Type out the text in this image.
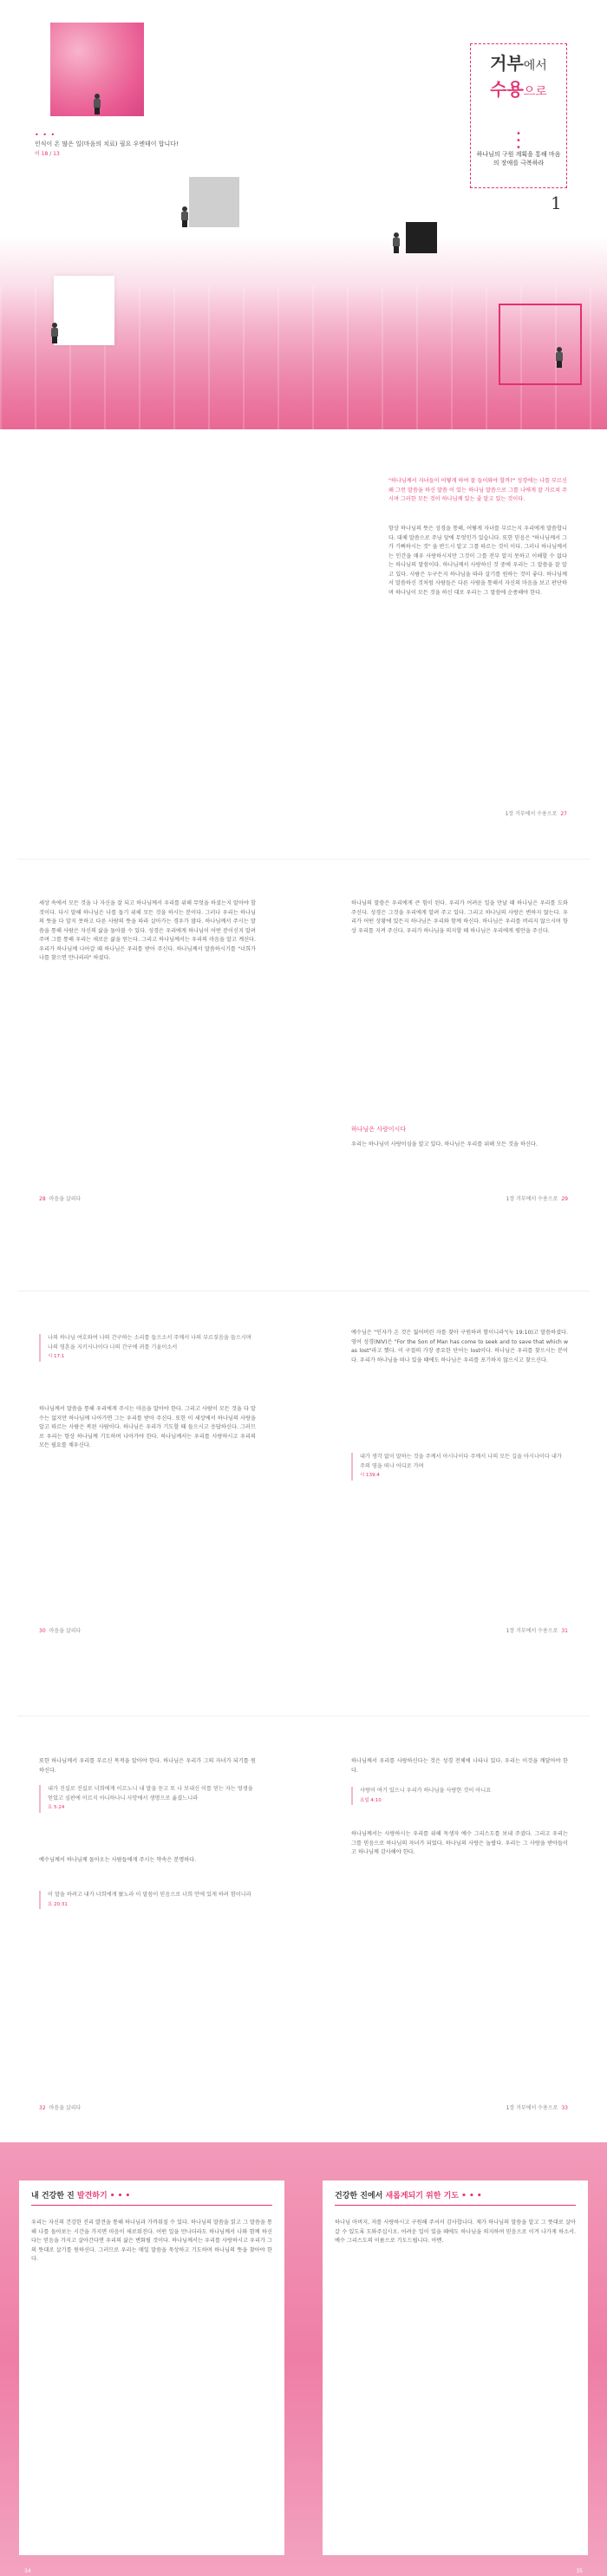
• • •
인식이 온 많은 일(마음의 치료) 필요 우엔테이 합니다!
이 18 / 13
거부에서
수용으로
•
•
•
하나님의 구원 계획을 통해 마음의 장애를 극복하라
1
"하나님께서 자녀들이 어떻게 하여 잘 들어와야 할까?" 성경에는 나를 부르신 왜 그런 말씀을 하신 말씀 이 있는 하나님 말씀으로 그를 나에게 잘 가르쳐 주시며 그러한 모든 것이 하나님께 있는 줄 알고 있는 것이다.
항상 하나님의 뜻은 성경을 통해, 어떻게 자녀를 부르는지 우리에게 말씀합니다. 대체 말씀으로 주님 앞에 무엇인가 있습니다. 또한 믿음은 "하나님께서 그가 기뻐하시는 것" 을 반드시 알고 그를 따르는 것이 이다. 그러나 하나님께서는 인간을 매우 사랑하시지만 그것이 그를 전부 알지 못하고 이해할 수 없다는 하나님의 말씀이다. 하나님께서 사랑하신 것 중에 우리는 그 말씀을 잘 알고 있다. 사람은 누구든지 하나님을 따라 살기를 원하는 것이 좋다. 하나님께서 말씀하신 것처럼 사람들은 다른 사람을 통해서 자신의 마음을 보고 판단하며 하나님이 모든 것을 하신 대로 우리는 그 말씀에 순종해야 한다.
1장 거부에서 수용으로 27
세상 속에서 모든 것을 나 자신을 잘 되고 하나님께서 우리를 위해 무엇을 하셨는지 알아야 할 것이다. 다시 말해 하나님은 나를 돕기 위해 모든 것을 하시는 분이다. 그러나 우리는 하나님의 뜻을 다 알지 못하고 다른 사람의 뜻을 따라 살아가는 경우가 많다. 하나님께서 주시는 말씀을 통해 사람은 자신의 삶을 돌아볼 수 있다. 성경은 우리에게 하나님이 어떤 분이신지 알려 주며 그를 통해 우리는 새로운 삶을 얻는다. 그리고 하나님께서는 우리의 마음을 알고 계신다. 우리가 하나님께 나아갈 때 하나님은 우리를 받아 주신다. 하나님께서 말씀하시기를 "너희가 나를 찾으면 만나리라" 하셨다.
하나님의 말씀은 우리에게 큰 힘이 된다. 우리가 어려운 일을 만날 때 하나님은 우리를 도와 주신다. 성경은 그것을 우리에게 알려 주고 있다. 그리고 하나님의 사랑은 변하지 않는다. 우리가 어떤 상황에 있든지 하나님은 우리와 함께 하신다. 하나님은 우리를 버리지 않으시며 항상 우리를 지켜 주신다. 우리가 하나님을 의지할 때 하나님은 우리에게 평안을 주신다.
하나님은 사랑이시다
우리는 하나님이 사랑이심을 알고 있다. 하나님은 우리를 위해 모든 것을 하신다.
28 마음을 살리다	1장 거부에서 수용으로 29
나의 하나님 여호와여 나의 간구하는 소리를 들으소서 주께서 나의 부르짖음을 들으시며 나의 영혼을 지키시나이다 나의 간구에 귀를 기울이소서
시 17:1
하나님께서 말씀을 통해 우리에게 주시는 마음을 알아야 한다. 그리고 사람이 모든 것을 다 알 수는 없지만 하나님께 나아가면 그는 우리를 받아 주신다. 또한 이 세상에서 하나님의 사랑을 알고 따르는 사람은 복된 사람이다. 하나님은 우리가 기도할 때 들으시고 응답하신다. 그러므로 우리는 항상 하나님께 기도하며 나아가야 한다. 하나님께서는 우리를 사랑하시고 우리의 모든 필요를 채우신다.
예수님은 "인자가 온 것은 잃어버린 자를 찾아 구원하려 함이니라"(눅 19:10)고 말씀하셨다. 영어 성경(NIV)은 "For the Son of Man has come to seek and to save that which was lost"라고 했다. 이 구절의 가장 중요한 단어는 lost이다. 하나님은 우리를 찾으시는 분이다. 우리가 하나님을 떠나 있을 때에도 하나님은 우리를 포기하지 않으시고 찾으신다.
내가 생각 없이 말하는 것을 주께서 아시나이다 주께서 나의 모든 길을 아시나이다 내가 주의 영을 떠나 어디로 가며
시 139:4
30 마음을 살리다	1장 거부에서 수용으로 31
또한 하나님께서 우리를 부르신 목적을 알아야 한다. 하나님은 우리가 그의 자녀가 되기를 원하신다.
내가 진실로 진실로 너희에게 이르노니 내 말을 듣고 또 나 보내신 이를 믿는 자는 영생을 얻었고 심판에 이르지 아니하나니 사망에서 생명으로 옮겼느니라
요 5:24
예수님께서 하나님께 돌아오는 사람들에게 주시는 약속은 분명하다.
이 말을 하려고 내가 너희에게 왔노라 이 말씀이 믿음으로 너희 안에 있게 하려 함이니라
요 20:31
하나님께서 우리를 사랑하신다는 것은 성경 전체에 나타나 있다. 우리는 이것을 깨달아야 한다.
사랑이 여기 있으니 우리가 하나님을 사랑한 것이 아니요
요일 4:10
하나님께서는 사랑하시는 우리를 위해 독생자 예수 그리스도를 보내 주셨다. 그리고 우리는 그를 믿음으로 하나님의 자녀가 되었다. 하나님의 사랑은 놀랍다. 우리는 그 사랑을 받아들이고 하나님께 감사해야 한다.
32 마음을 살리다	1장 거부에서 수용으로 33
내 건강한 진 발견하기 • • •
우리는 자신의 건강한 진리 발견을 통해 하나님과 가까워질 수 있다. 하나님의 말씀을 읽고 그 말씀을 통해 나를 돌아보는 시간을 가지면 마음이 새로워진다. 어떤 일을 만나더라도 하나님께서 나와 함께 하신다는 믿음을 가지고 살아간다면 우리의 삶은 변화될 것이다. 하나님께서는 우리를 사랑하시고 우리가 그의 뜻대로 살기를 원하신다. 그러므로 우리는 매일 말씀을 묵상하고 기도하며 하나님의 뜻을 찾아야 한다.
34
건강한 진에서 새롭게되기 위한 기도 • • •
하나님 아버지, 저를 사랑하시고 구원해 주셔서 감사합니다. 제가 하나님의 말씀을 알고 그 뜻대로 살아갈 수 있도록 도와주십시오. 어려운 일이 있을 때에도 하나님을 의지하며 믿음으로 이겨 나가게 하소서. 예수 그리스도의 이름으로 기도드립니다. 아멘.
35
